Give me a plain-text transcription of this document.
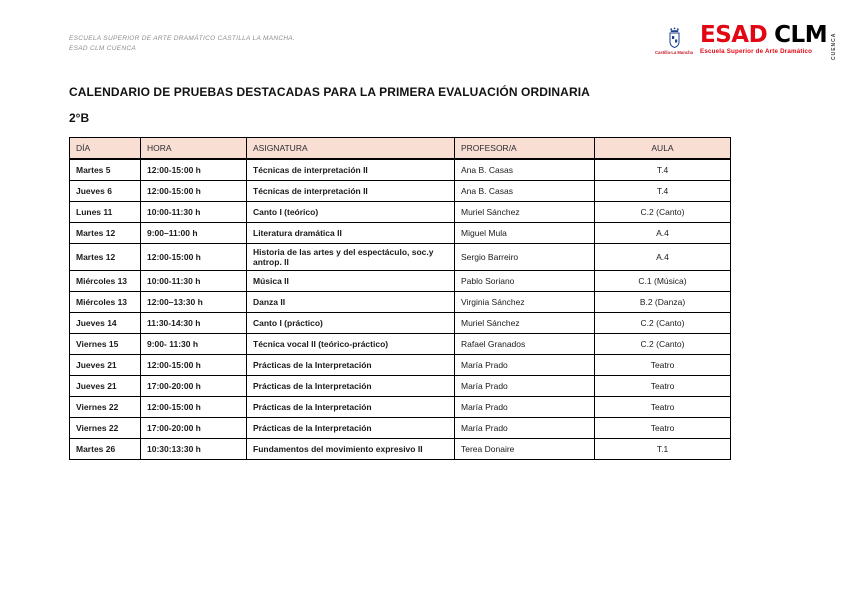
ESCUELA SUPERIOR DE ARTE DRAMÁTICO CASTILLA LA MANCHA.
ESAD CLM CUENCA
Castilla-La Mancha
ESAD CLM
Escuela Superior de Arte Dramático	CUENCA
CALENDARIO DE PRUEBAS DESTACADAS PARA LA PRIMERA EVALUACIÓN ORDINARIA
2°B
DÍA	HORA	ASIGNATURA	PROFESOR/A	AULA
Martes 5	12:00-15:00 h	Técnicas de interpretación II	Ana B. Casas	T.4
Jueves 6	12:00-15:00 h	Técnicas de interpretación II	Ana B. Casas	T.4
Lunes 11	10:00-11:30 h	Canto I (teórico)	Muriel Sánchez	C.2 (Canto)
Martes 12	9:00–11:00 h	Literatura dramática II	Miguel Mula	A.4
Martes 12	12:00-15:00 h	Historia de las artes y del espectáculo, soc.y antrop. II	Sergio Barreiro	A.4
Miércoles 13	10:00-11:30 h	Música II	Pablo Soriano	C.1 (Música)
Miércoles 13	12:00–13:30 h	Danza II	Virginia Sánchez	B.2 (Danza)
Jueves 14	11:30-14:30 h	Canto I (práctico)	Muriel Sánchez	C.2 (Canto)
Viernes 15	9:00- 11:30 h	Técnica vocal II (teórico-práctico)	Rafael Granados	C.2 (Canto)
Jueves 21	12:00-15:00 h	Prácticas de la Interpretación	María Prado	Teatro
Jueves 21	17:00-20:00 h	Prácticas de la Interpretación	María Prado	Teatro
Viernes 22	12:00-15:00 h	Prácticas de la Interpretación	María Prado	Teatro
Viernes 22	17:00-20:00 h	Prácticas de la Interpretación	María Prado	Teatro
Martes 26	10:30:13:30 h	Fundamentos del movimiento expresivo II	Terea Donaire	T.1
